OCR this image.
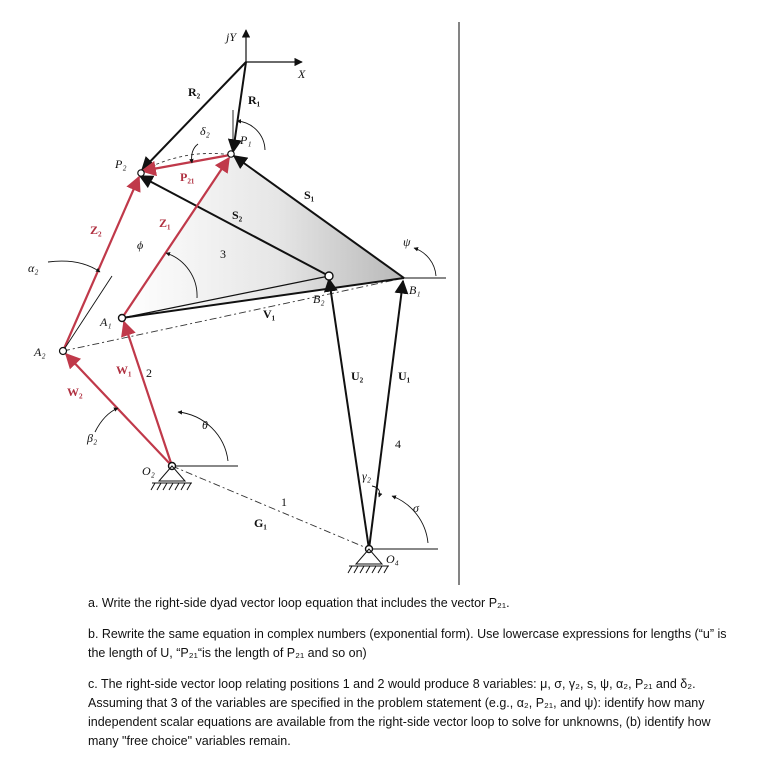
jY
X
R₂
R₁
S₁
S₂
P₂₁
Z₁
Z₂
W₁
W₂
V₁
U₂	U₁
G₁
P₁
P₂
A₁
A₂
B₁
B₂
O₂
O₄
δ₂
ϕ
α₂
β₂
θ
ψ
σ
γ₂
1
2
3
4

a. Write the right-side dyad vector loop equation that includes the vector P₂₁.

b. Rewrite the same equation in complex numbers (exponential form). Use lowercase expressions for lengths (“u” is the length of U, “P₂₁“is the length of P₂₁ and so on)

c. The right-side vector loop relating positions 1 and 2 would produce 8 variables: μ, σ, γ₂, s, ψ, α₂, P₂₁ and δ₂. Assuming that 3 of the variables are specified in the problem statement (e.g., α₂, P₂₁, and ψ): identify how many independent scalar equations are available from the right-side vector loop to solve for unknowns, (b) identify how many "free choice" variables remain.
